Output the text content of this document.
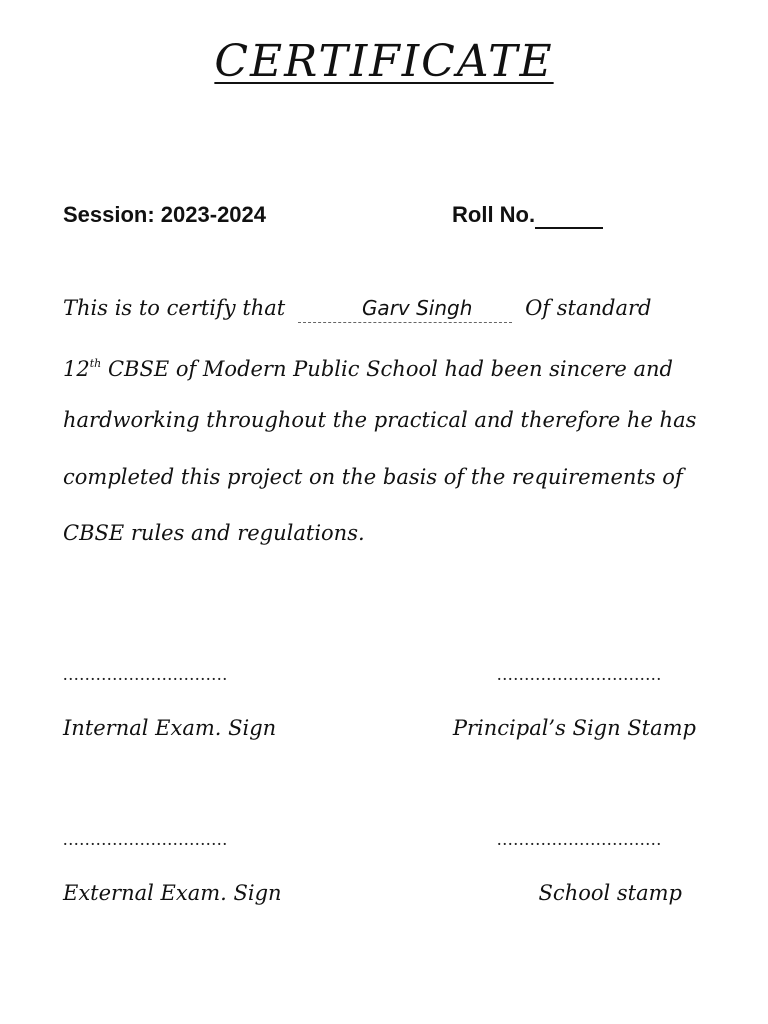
CERTIFICATE
Session: 2023-2024	Roll No.
This is to certify that	Garv Singh	Of standard
12th CBSE of Modern Public School had been sincere and
hardworking throughout the practical and therefore he has
completed this project on the basis of the requirements of
CBSE rules and regulations.
..............................	..............................
Internal Exam. Sign	Principal’s Sign Stamp
..............................	..............................
External Exam. Sign	School stamp
